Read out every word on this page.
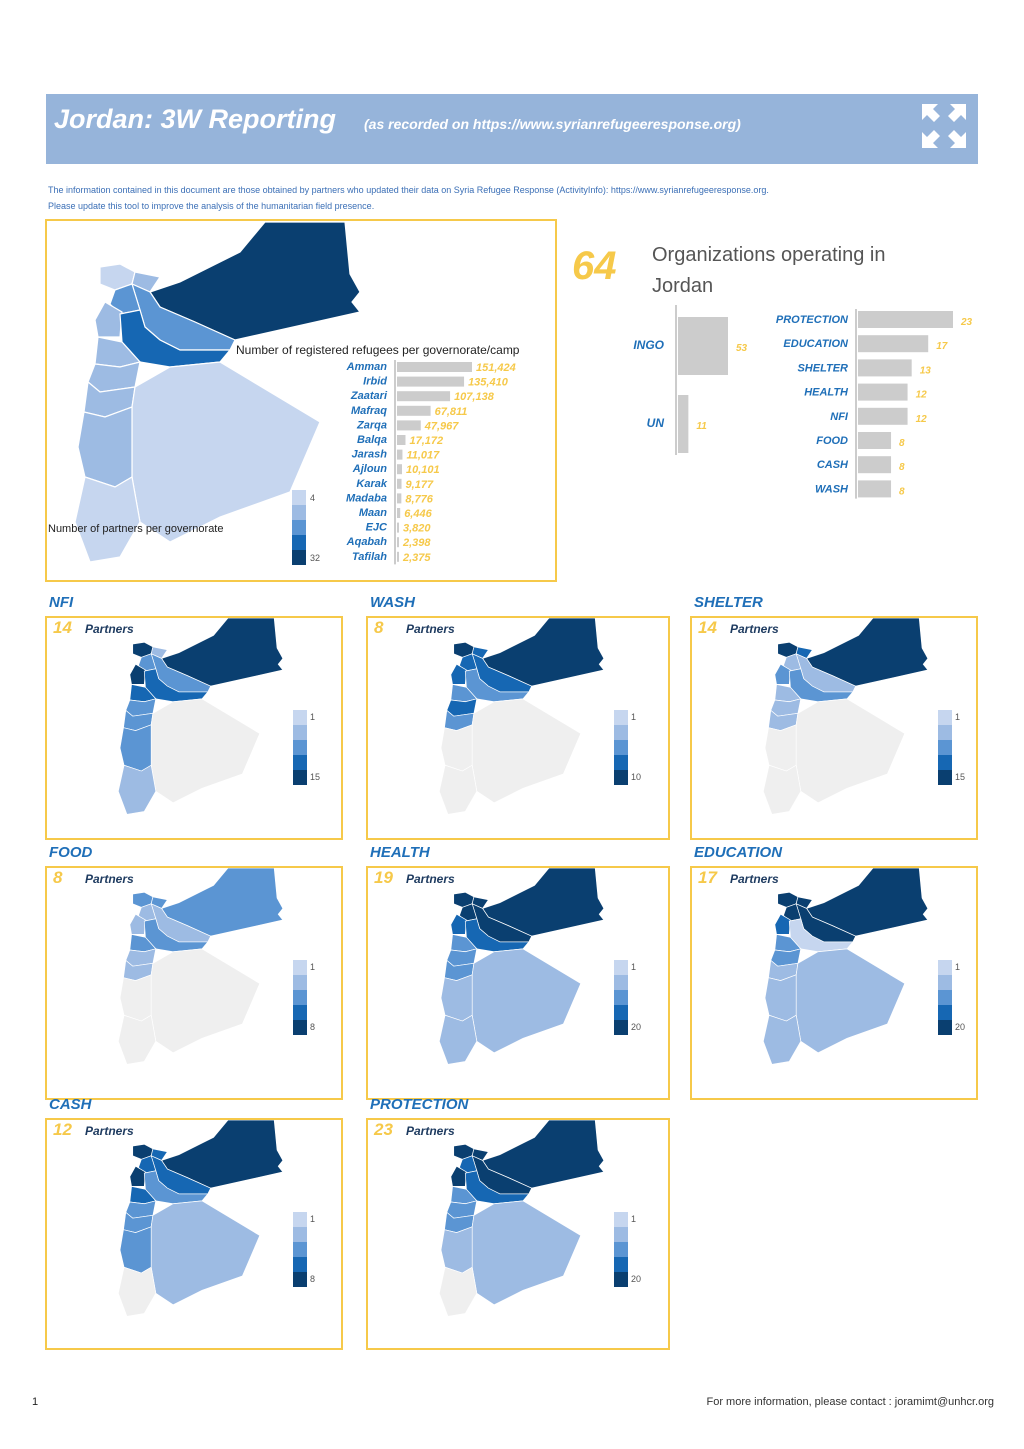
Jordan: 3W Reporting (as recorded on https://www.syrianrefugeeresponse.org)
The information contained in this document are those obtained by partners who updated their data on Syria Refugee Response (ActivityInfo): https://www.syrianrefugeeresponse.org.
Please update this tool to improve the analysis of the humanitarian field presence.
Number of registered refugees per governorate/camp
Amman	151,424
Irbid	135,410
Zaatari	107,138
Mafraq	67,811
Zarqa	47,967
Balqa 17,172
Jarash 11,017
Ajloun 10,101
Karak 9,177
Madaba 8,776
Maan 6,446
EJC 3,820
Aqabah 2,398
Tafilah 2,375
Number of partners per governorate
4
32
64 Organizations operating in Jordan
INGO	53
UN	11
PROTECTION	23
EDUCATION	17
SHELTER	13
HEALTH	12
NFI	12
FOOD	8
CASH	8
WASH	8
NFI
14 Partners
1
15
WASH
8 Partners
1
10
SHELTER
14 Partners
1
15
FOOD
8 Partners
1
8
HEALTH
19 Partners
1
20
EDUCATION
17 Partners
1
20
CASH
12 Partners
1
8
PROTECTION
23 Partners
1
20
1	For more information, please contact : joramimt@unhcr.org
